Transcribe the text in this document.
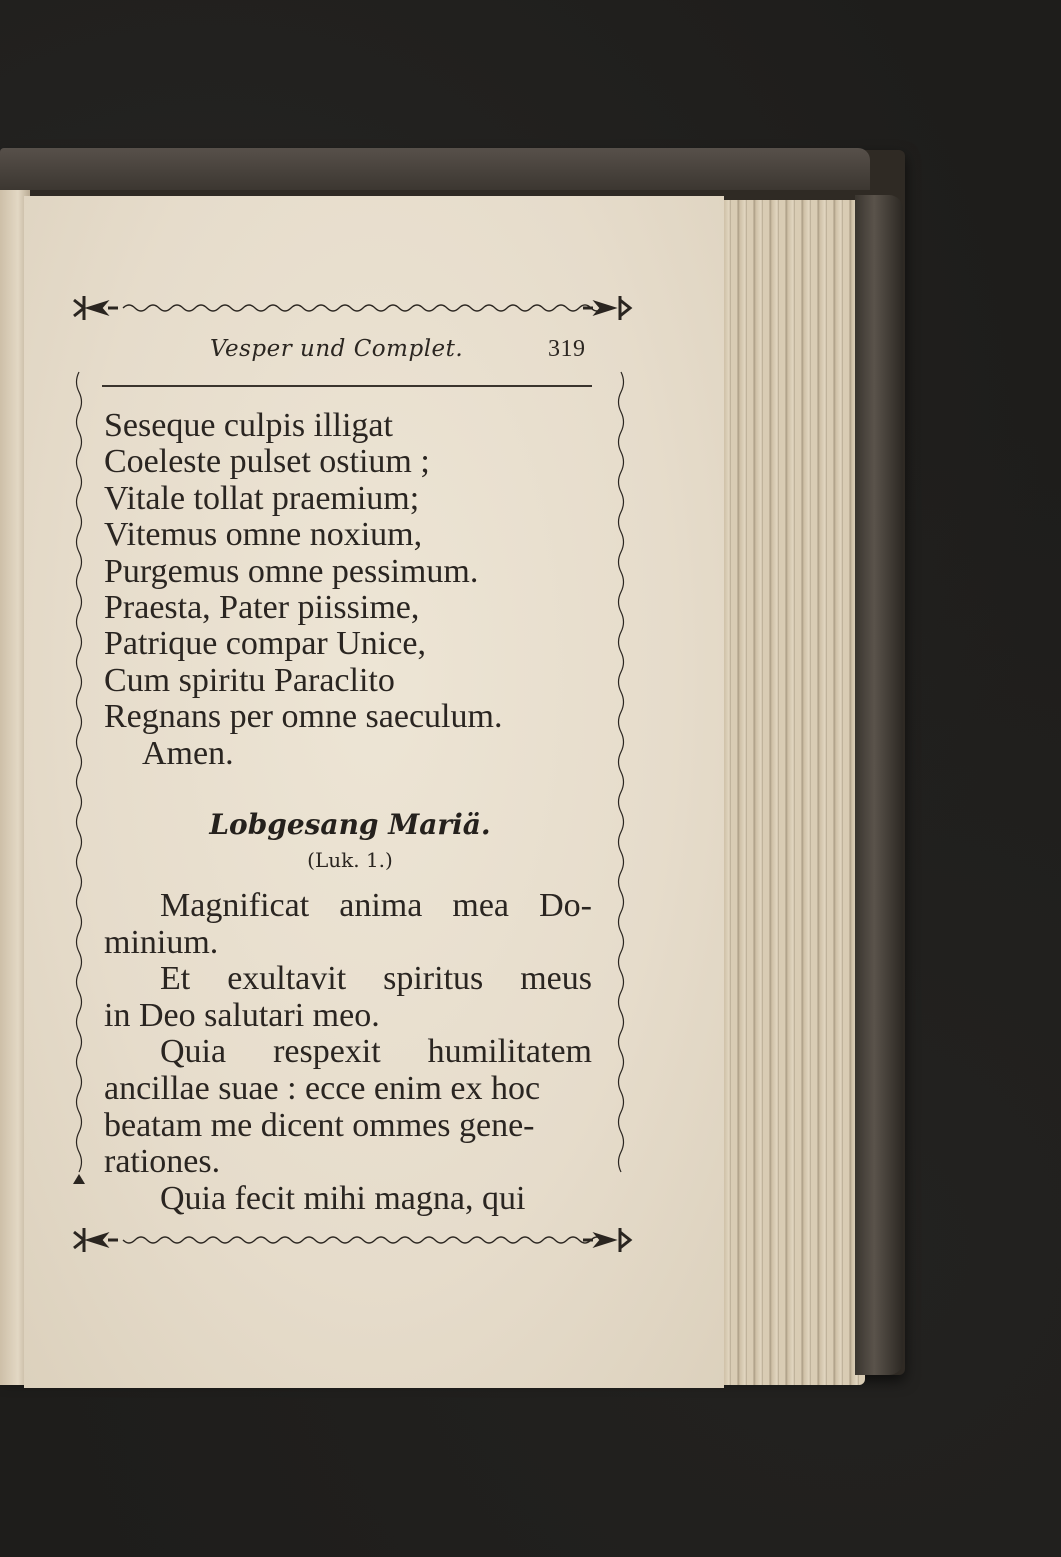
Vesper und Complet.	319
Seseque culpis illigat
Coeleste pulset ostium ;
Vitale tollat praemium;
Vitemus omne noxium,
Purgemus omne pessimum.
Praesta, Pater piissime,
Patrique compar Unice,
Cum spiritu Paraclito
Regnans per omne saeculum.
Amen.
Lobgesang Mariä.
(Luk. 1.)
Magnificat anima mea Do-
minium.
Et exultavit spiritus meus
in Deo salutari meo.
Quia respexit humilitatem
ancillae suae : ecce enim ex hoc
beatam me dicent ommes gene-
rationes.
Quia fecit mihi magna, qui
